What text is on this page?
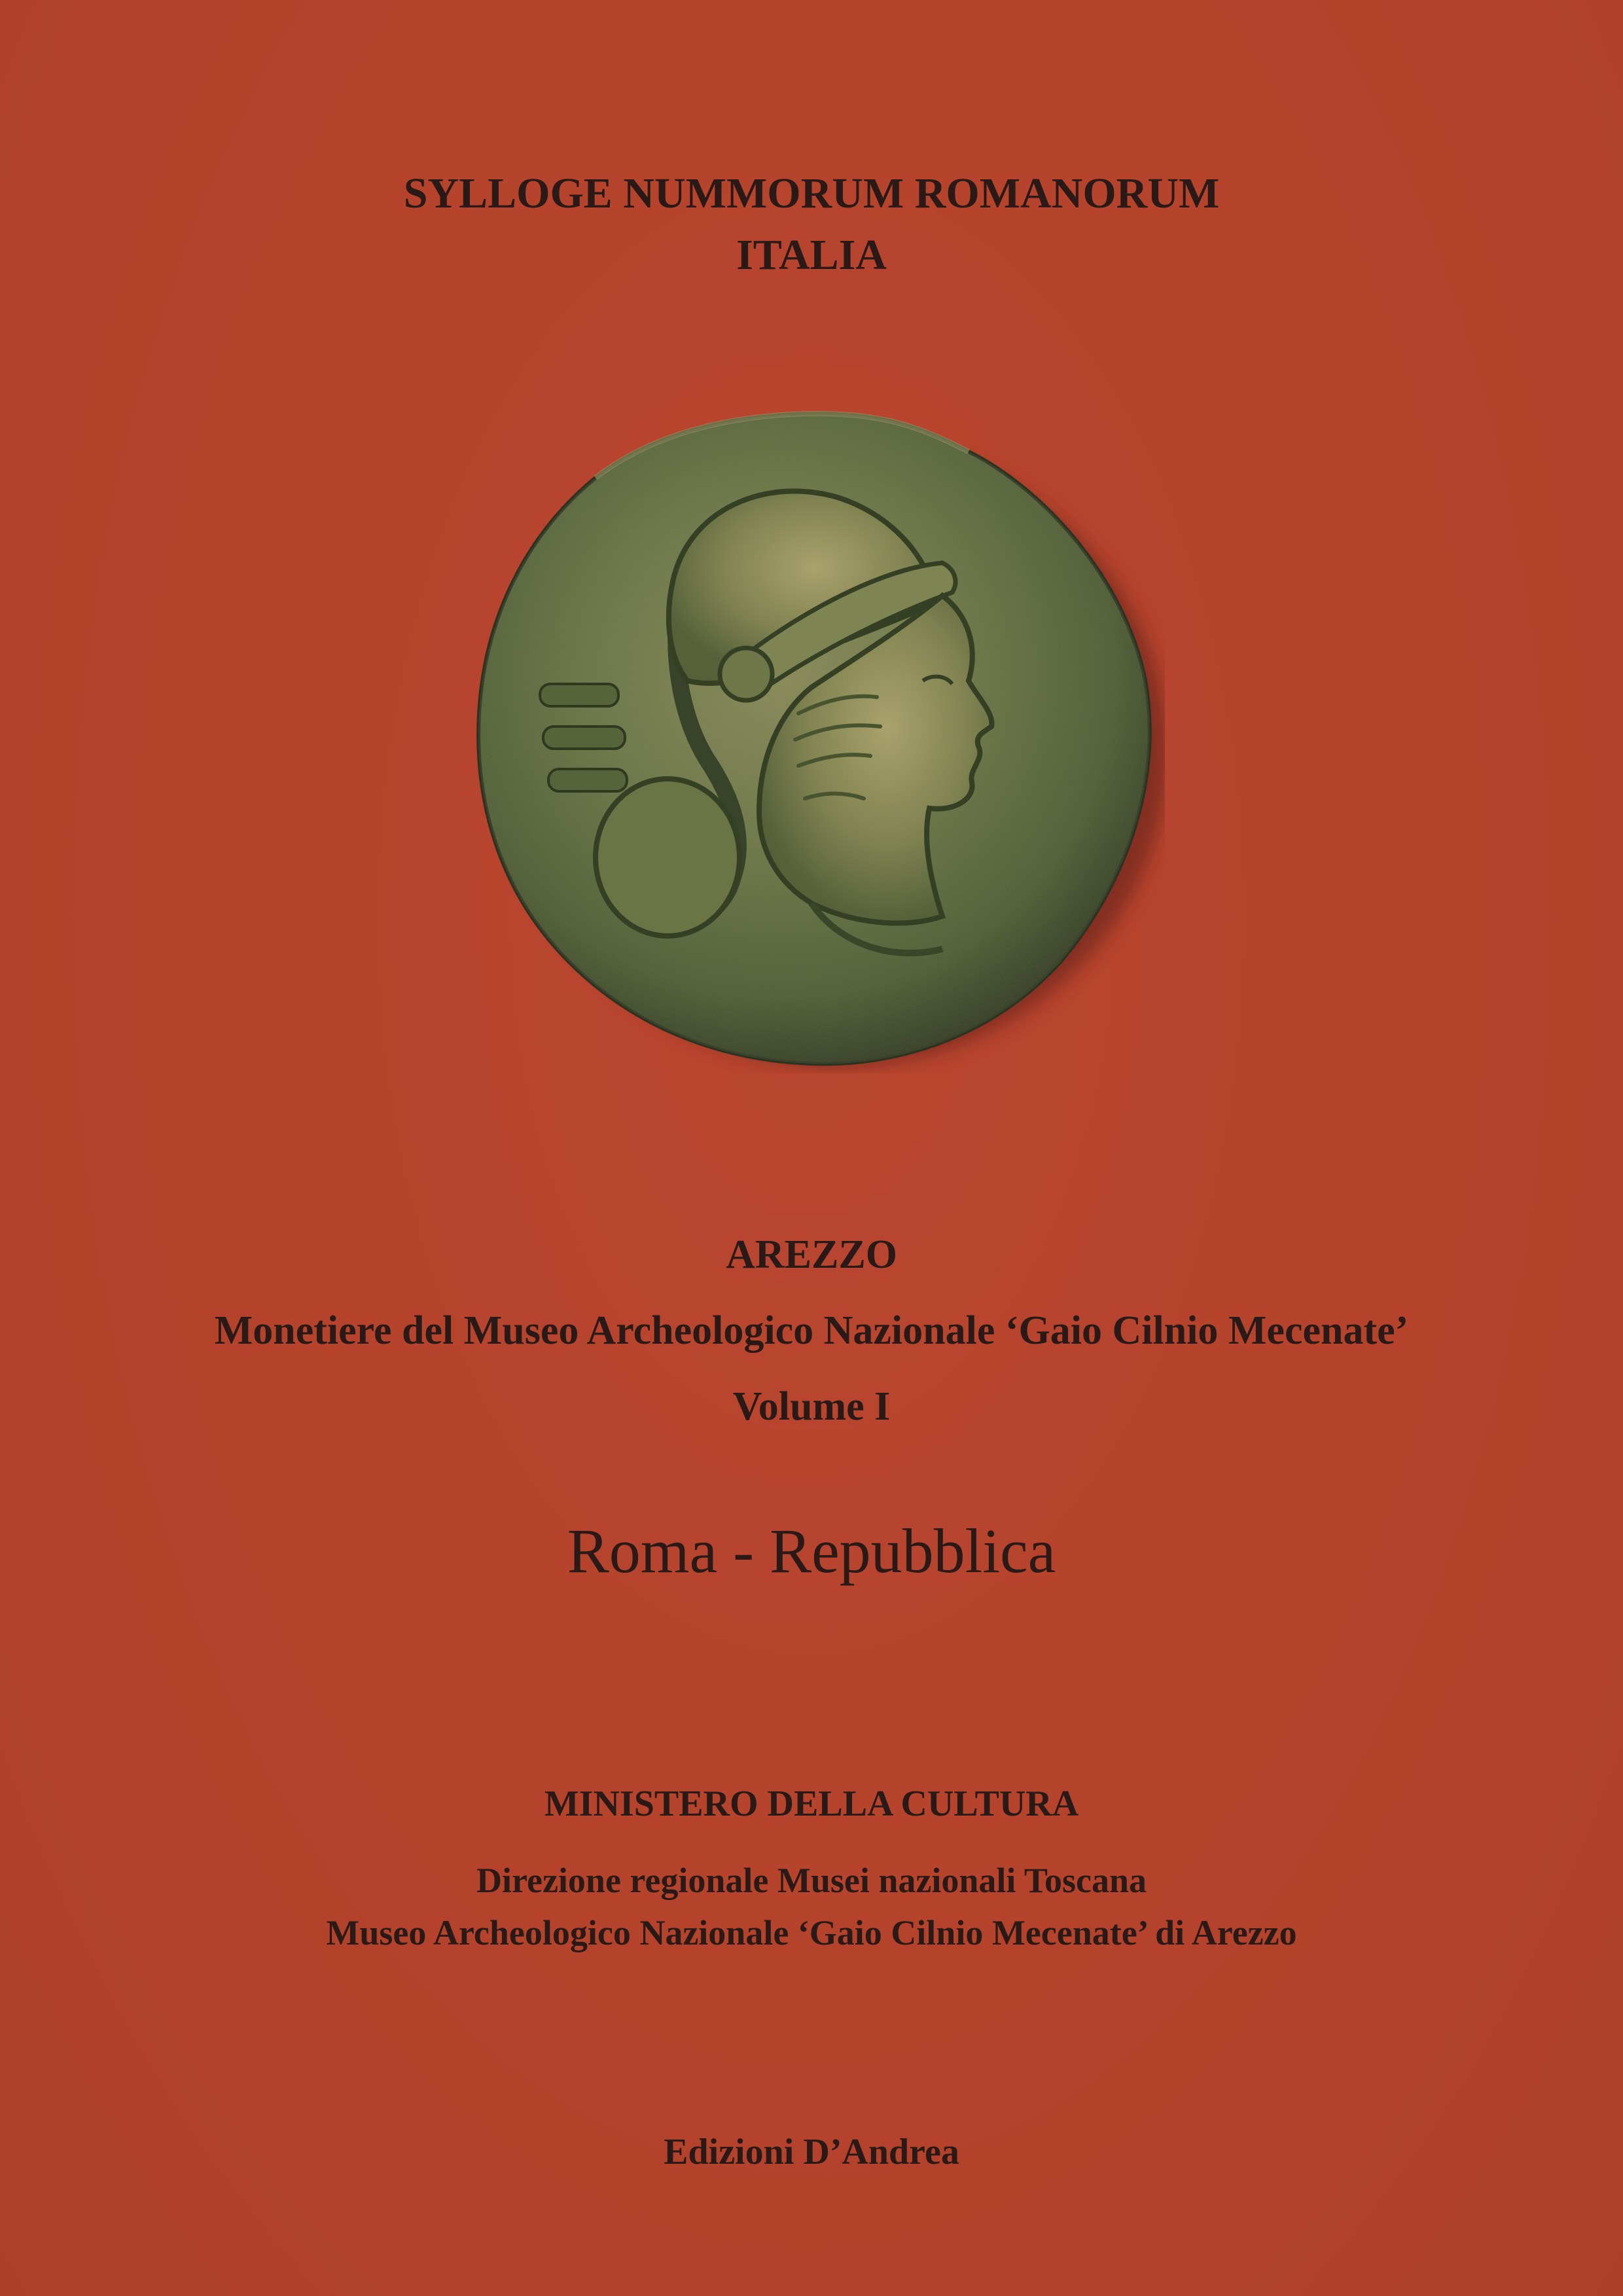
SYLLOGE NUMMORUM ROMANORUM
ITALIA
AREZZO
Monetiere del Museo Archeologico Nazionale ‘Gaio Cilnio Mecenate’
Volume I
Roma - Repubblica
MINISTERO DELLA CULTURA
Direzione regionale Musei nazionali Toscana
Museo Archeologico Nazionale ‘Gaio Cilnio Mecenate’ di Arezzo
Edizioni D’Andrea
